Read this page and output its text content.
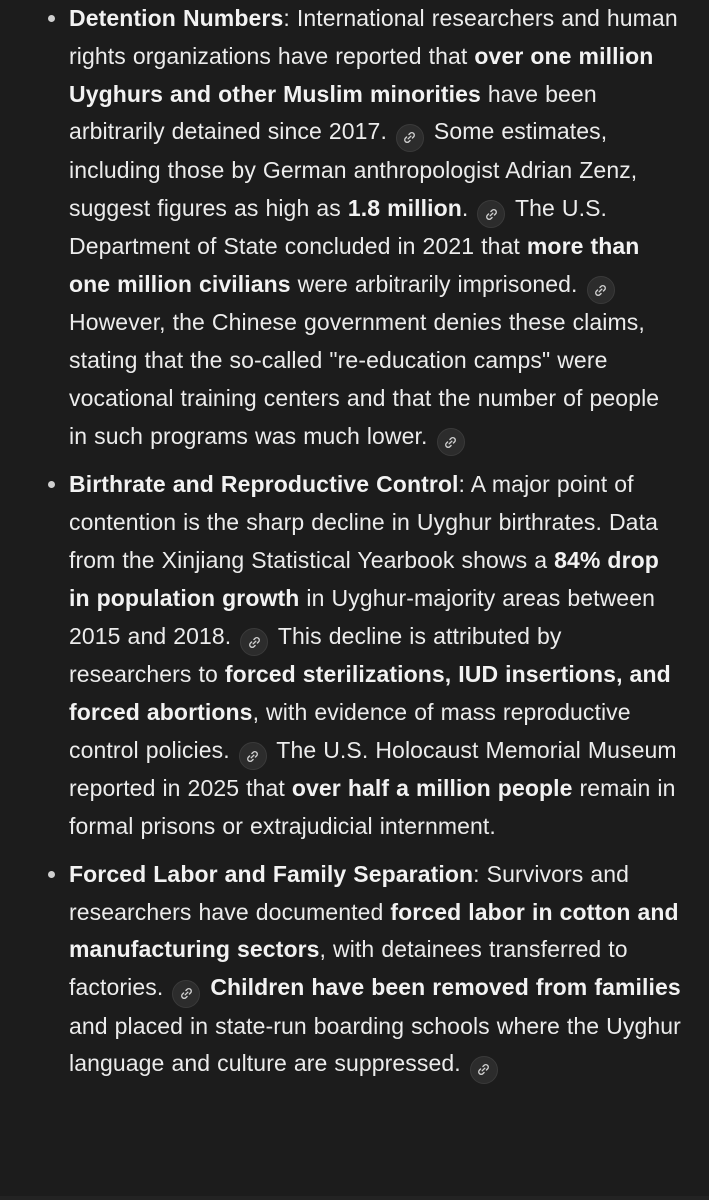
Detention Numbers: International researchers and human rights organizations have reported that over one million Uyghurs and other Muslim minorities have been arbitrarily detained since 2017.
Some estimates, including those by German anthropologist Adrian Zenz, suggest figures as high as 1.8 million.
The U.S. Department of State concluded in 2021 that more than one million civilians were arbitrarily imprisoned.
However, the Chinese government denies these claims, stating that the so-called "re-education camps" were vocational training centers and that the number of people in such programs was much lower.
Birthrate and Reproductive Control: A major point of contention is the sharp decline in Uyghur birthrates. Data from the Xinjiang Statistical Yearbook shows a 84% drop in population growth in Uyghur-majority areas between 2015 and 2018.
This decline is attributed by researchers to forced sterilizations, IUD insertions, and forced abortions, with evidence of mass reproductive control policies.
The U.S. Holocaust Memorial Museum reported in 2025 that over half a million people remain in formal prisons or extrajudicial internment.
Forced Labor and Family Separation: Survivors and researchers have documented forced labor in cotton and manufacturing sectors, with detainees transferred to factories.
Children have been removed from families and placed in state-run boarding schools where the Uyghur language and culture are suppressed.
